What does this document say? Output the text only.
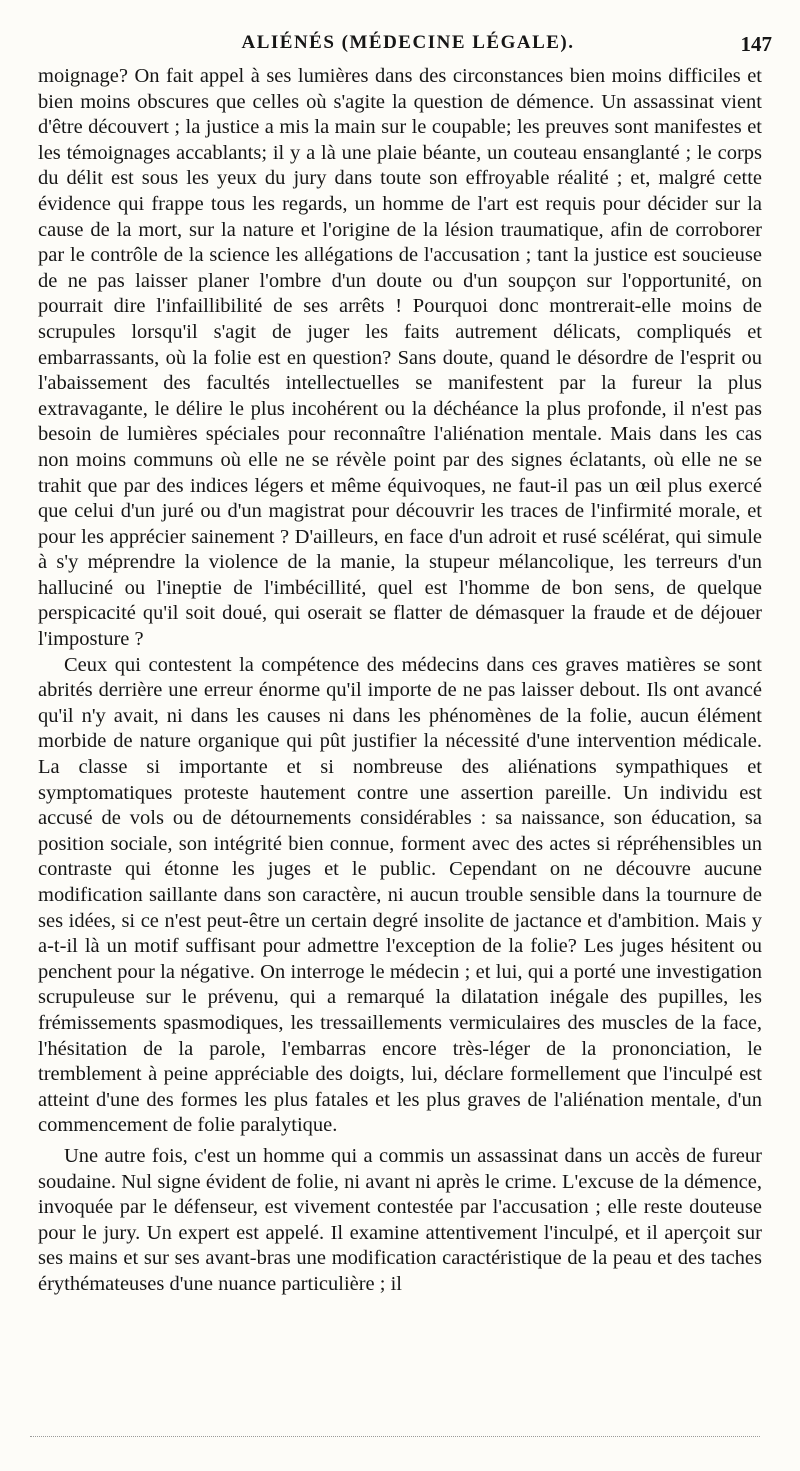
ALIÉNÉS (MÉDECINE LÉGALE).	147

moignage? On fait appel à ses lumières dans des circonstances bien moins difficiles et bien moins obscures que celles où s'agite la question de démence. Un assassinat vient d'être découvert ; la justice a mis la main sur le coupable; les preuves sont manifestes et les témoignages accablants; il y a là une plaie béante, un couteau ensanglanté ; le corps du délit est sous les yeux du jury dans toute son effroyable réalité ; et, malgré cette évidence qui frappe tous les regards, un homme de l'art est requis pour décider sur la cause de la mort, sur la nature et l'origine de la lésion traumatique, afin de corroborer par le contrôle de la science les allégations de l'accusation ; tant la justice est soucieuse de ne pas laisser planer l'ombre d'un doute ou d'un soupçon sur l'opportunité, on pourrait dire l'infaillibilité de ses arrêts ! Pourquoi donc montrerait-elle moins de scrupules lorsqu'il s'agit de juger les faits autrement délicats, compliqués et embarrassants, où la folie est en question? Sans doute, quand le désordre de l'esprit ou l'abaissement des facultés intellectuelles se manifestent par la fureur la plus extravagante, le délire le plus incohérent ou la déchéance la plus profonde, il n'est pas besoin de lumières spéciales pour reconnaître l'aliénation mentale. Mais dans les cas non moins communs où elle ne se révèle point par des signes éclatants, où elle ne se trahit que par des indices légers et même équivoques, ne faut-il pas un œil plus exercé que celui d'un juré ou d'un magistrat pour découvrir les traces de l'infirmité morale, et pour les apprécier sainement ? D'ailleurs, en face d'un adroit et rusé scélérat, qui simule à s'y méprendre la violence de la manie, la stupeur mélancolique, les terreurs d'un halluciné ou l'ineptie de l'imbécillité, quel est l'homme de bon sens, de quelque perspicacité qu'il soit doué, qui oserait se flatter de démasquer la fraude et de déjouer l'imposture ?

Ceux qui contestent la compétence des médecins dans ces graves matières se sont abrités derrière une erreur énorme qu'il importe de ne pas laisser debout. Ils ont avancé qu'il n'y avait, ni dans les causes ni dans les phénomènes de la folie, aucun élément morbide de nature organique qui pût justifier la nécessité d'une intervention médicale. La classe si importante et si nombreuse des aliénations sympathiques et symptomatiques proteste hautement contre une assertion pareille. Un individu est accusé de vols ou de détournements considérables : sa naissance, son éducation, sa position sociale, son intégrité bien connue, forment avec des actes si répréhensibles un contraste qui étonne les juges et le public. Cependant on ne découvre aucune modification saillante dans son caractère, ni aucun trouble sensible dans la tournure de ses idées, si ce n'est peut-être un certain degré insolite de jactance et d'ambition. Mais y a-t-il là un motif suffisant pour admettre l'exception de la folie? Les juges hésitent ou penchent pour la négative. On interroge le médecin ; et lui, qui a porté une investigation scrupuleuse sur le prévenu, qui a remarqué la dilatation inégale des pupilles, les frémissements spasmodiques, les tressaillements vermiculaires des muscles de la face, l'hésitation de la parole, l'embarras encore très-léger de la prononciation, le tremblement à peine appréciable des doigts, lui, déclare formellement que l'inculpé est atteint d'une des formes les plus fatales et les plus graves de l'aliénation mentale, d'un commencement de folie paralytique.

Une autre fois, c'est un homme qui a commis un assassinat dans un accès de fureur soudaine. Nul signe évident de folie, ni avant ni après le crime. L'excuse de la démence, invoquée par le défenseur, est vivement contestée par l'accusation ; elle reste douteuse pour le jury. Un expert est appelé. Il examine attentivement l'inculpé, et il aperçoit sur ses mains et sur ses avant-bras une modification caractéristique de la peau et des taches érythémateuses d'une nuance particulière ; il
